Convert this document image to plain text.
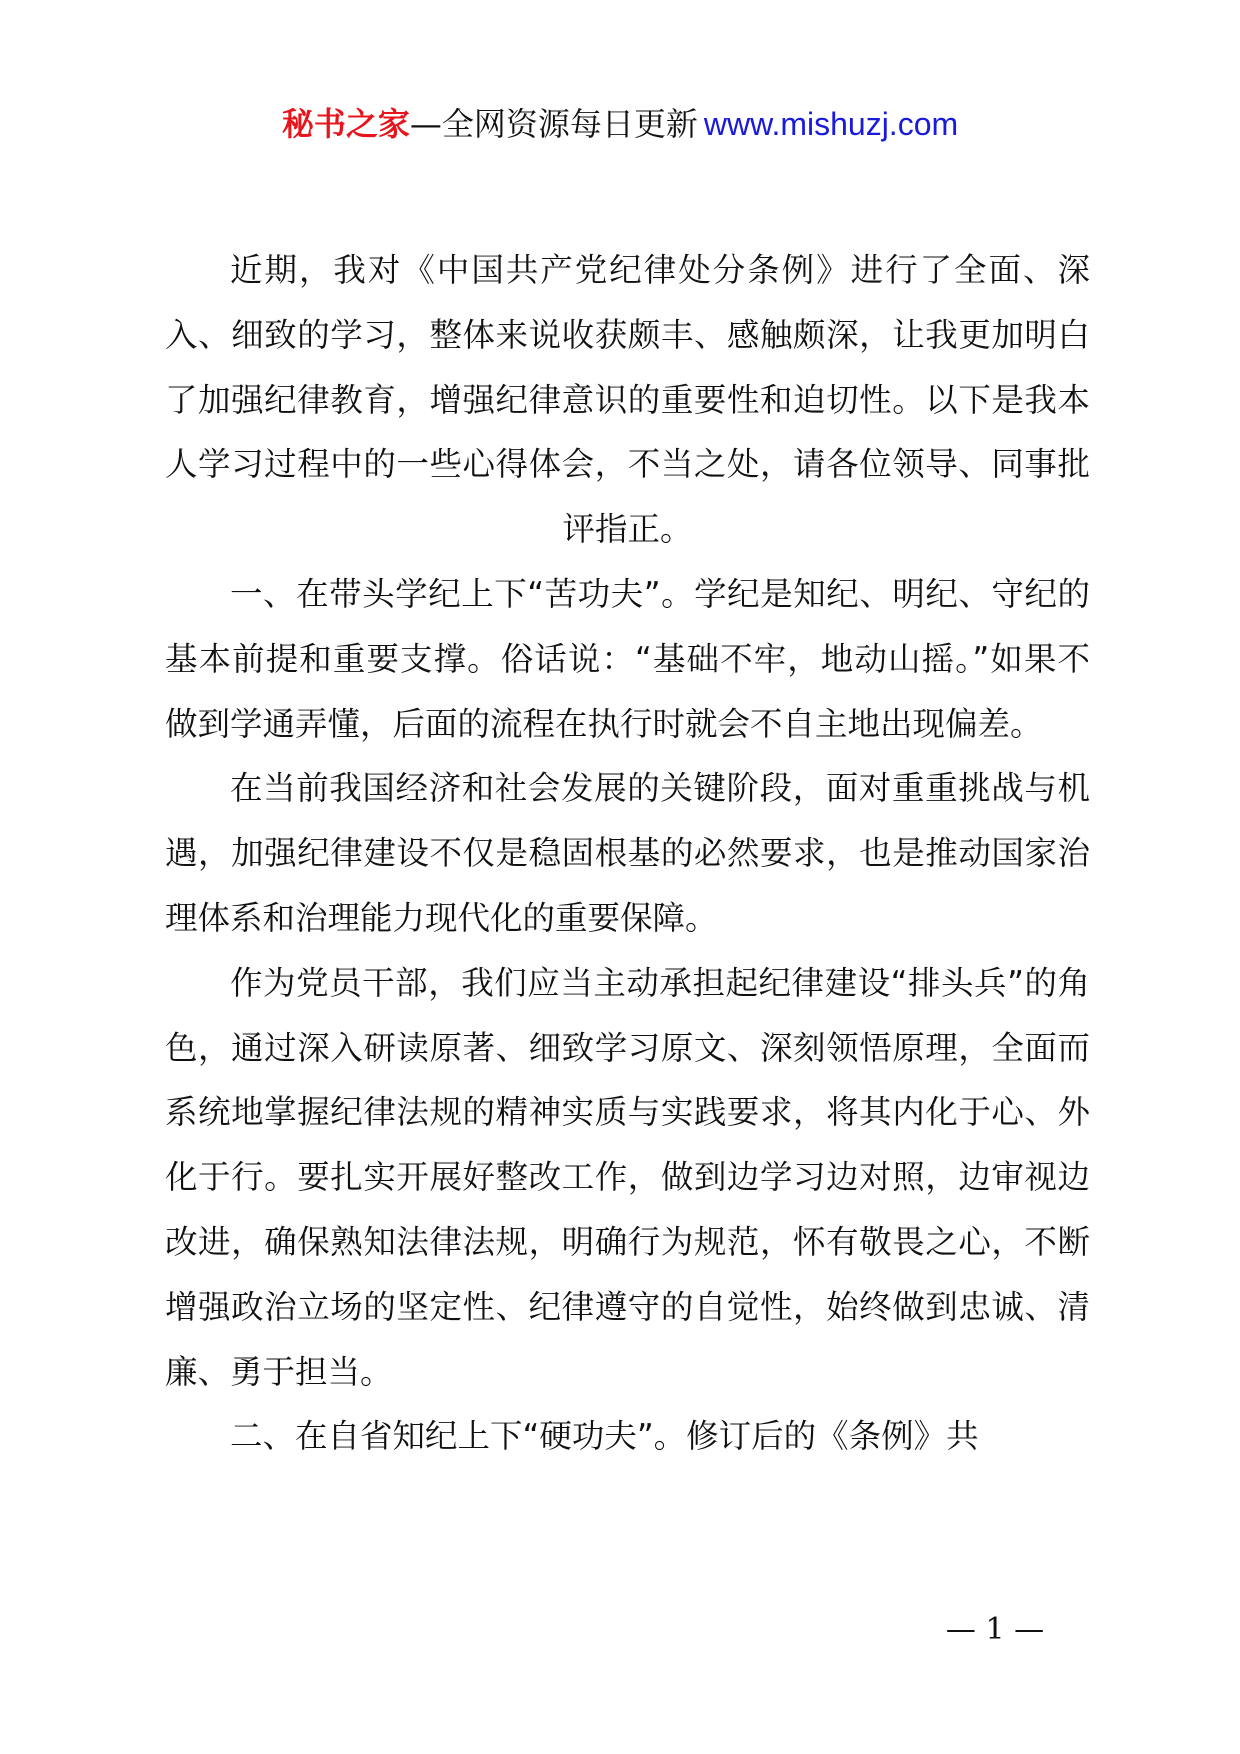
秘书之家—全网资源每日更新 www.mishuzj.com

近期，我对《中国共产党纪律处分条例》进行了全面、深入、细致的学习，整体来说收获颇丰、感触颇深，让我更加明白了加强纪律教育，增强纪律意识的重要性和迫切性。以下是我本人学习过程中的一些心得体会，不当之处，请各位领导、同事批评指正。

一、在带头学纪上下“苦功夫”。学纪是知纪、明纪、守纪的基本前提和重要支撑。俗话说：“基础不牢，地动山摇。”如果不做到学通弄懂，后面的流程在执行时就会不自主地出现偏差。

在当前我国经济和社会发展的关键阶段，面对重重挑战与机遇，加强纪律建设不仅是稳固根基的必然要求，也是推动国家治理体系和治理能力现代化的重要保障。

作为党员干部，我们应当主动承担起纪律建设“排头兵”的角色，通过深入研读原著、细致学习原文、深刻领悟原理，全面而系统地掌握纪律法规的精神实质与实践要求，将其内化于心、外化于行。要扎实开展好整改工作，做到边学习边对照，边审视边改进，确保熟知法律法规，明确行为规范，怀有敬畏之心，不断增强政治立场的坚定性、纪律遵守的自觉性，始终做到忠诚、清廉、勇于担当。

二、在自省知纪上下“硬功夫”。修订后的《条例》共

— 1 —
